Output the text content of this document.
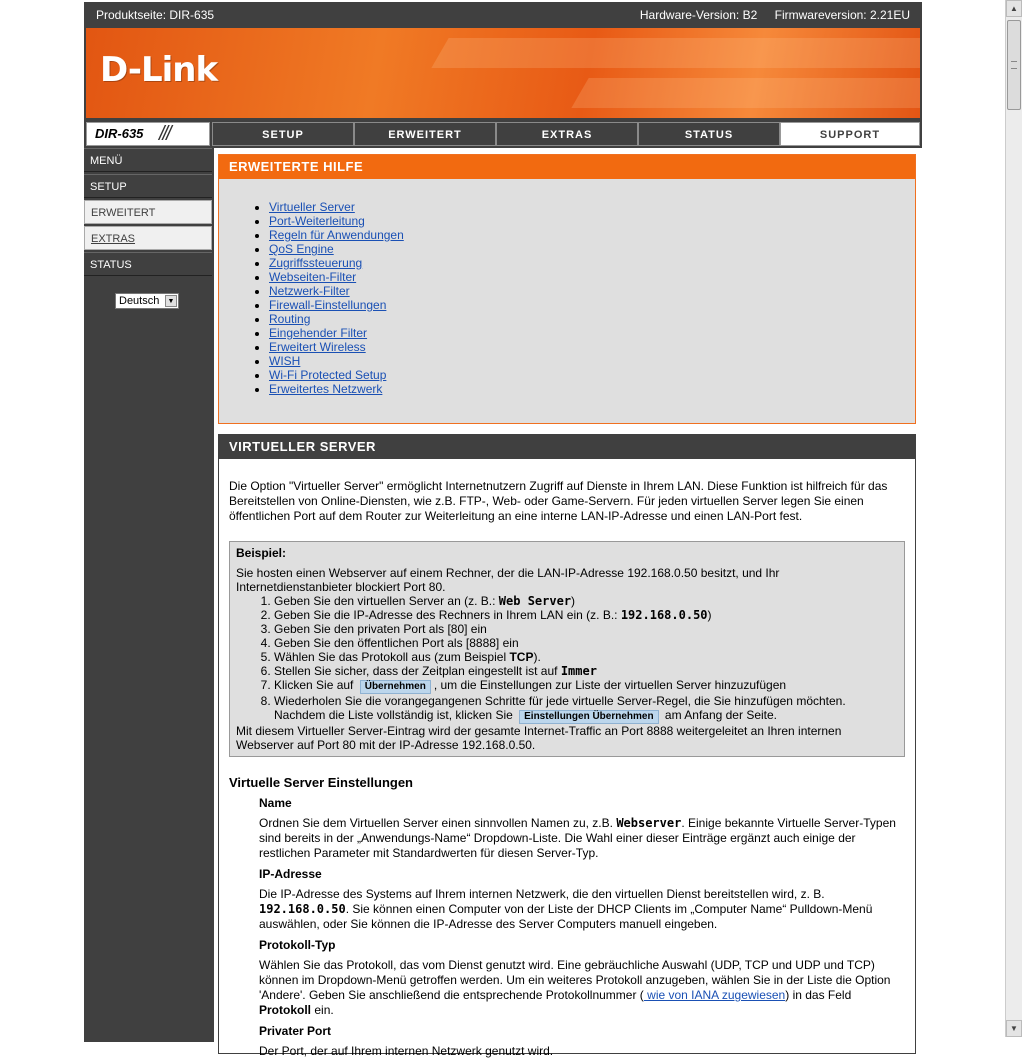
Produktseite: DIR-635	Hardware-Version: B2 Firmwareversion: 2.21EU
D-Link
DIR-635 ///	SETUP	ERWEITERT	EXTRAS	STATUS	SUPPORT
MENÜ
SETUP
ERWEITERT
EXTRAS
STATUS
Deutsch	▼
ERWEITERTE HILFE
• Virtueller Server
• Port-Weiterleitung
• Regeln für Anwendungen
• QoS Engine
• Zugriffssteuerung
• Webseiten-Filter
• Netzwerk-Filter
• Firewall-Einstellungen
• Routing
• Eingehender Filter
• Erweitert Wireless
• WISH
• Wi-Fi Protected Setup
• Erweitertes Netzwerk
VIRTUELLER SERVER
Die Option "Virtueller Server" ermöglicht Internetnutzern Zugriff auf Dienste in Ihrem LAN. Diese Funktion ist hilfreich für das Bereitstellen von Online-Diensten, wie z.B. FTP-, Web- oder Game-Servern. Für jeden virtuellen Server legen Sie einen öffentlichen Port auf dem Router zur Weiterleitung an eine interne LAN-IP-Adresse und einen LAN-Port fest.
Beispiel:
Sie hosten einen Webserver auf einem Rechner, der die LAN-IP-Adresse 192.168.0.50 besitzt, und Ihr Internetdienstanbieter blockiert Port 80.
1. Geben Sie den virtuellen Server an (z. B.: Web Server)
2. Geben Sie die IP-Adresse des Rechners in Ihrem LAN ein (z. B.: 192.168.0.50)
3. Geben Sie den privaten Port als [80] ein
4. Geben Sie den öffentlichen Port als [8888] ein
5. Wählen Sie das Protokoll aus (zum Beispiel TCP).
6. Stellen Sie sicher, dass der Zeitplan eingestellt ist auf Immer
7. Klicken Sie auf Übernehmen , um die Einstellungen zur Liste der virtuellen Server hinzuzufügen
8. Wiederholen Sie die vorangegangenen Schritte für jede virtuelle Server-Regel, die Sie hinzufügen möchten. Nachdem die Liste vollständig ist, klicken Sie Einstellungen Übernehmen am Anfang der Seite.
Mit diesem Virtueller Server-Eintrag wird der gesamte Internet-Traffic an Port 8888 weitergeleitet an Ihren internen Webserver auf Port 80 mit der IP-Adresse 192.168.0.50.
Virtuelle Server Einstellungen
Name
Ordnen Sie dem Virtuellen Server einen sinnvollen Namen zu, z.B. Webserver. Einige bekannte Virtuelle Server-Typen sind bereits in der „Anwendungs-Name“ Dropdown-Liste. Die Wahl einer dieser Einträge ergänzt auch einige der restlichen Parameter mit Standardwerten für diesen Server-Typ.
IP-Adresse
Die IP-Adresse des Systems auf Ihrem internen Netzwerk, die den virtuellen Dienst bereitstellen wird, z. B. 192.168.0.50. Sie können einen Computer von der Liste der DHCP Clients im „Computer Name“ Pulldown-Menü auswählen, oder Sie können die IP-Adresse des Server Computers manuell eingeben.
Protokoll-Typ
Wählen Sie das Protokoll, das vom Dienst genutzt wird. Eine gebräuchliche Auswahl (UDP, TCP und UDP und TCP) können im Dropdown-Menü getroffen werden. Um ein weiteres Protokoll anzugeben, wählen Sie in der Liste die Option 'Andere'. Geben Sie anschließend die entsprechende Protokollnummer ( wie von IANA zugewiesen) in das Feld Protokoll ein.
Privater Port
Der Port, der auf Ihrem internen Netzwerk genutzt wird.
▲
▼
